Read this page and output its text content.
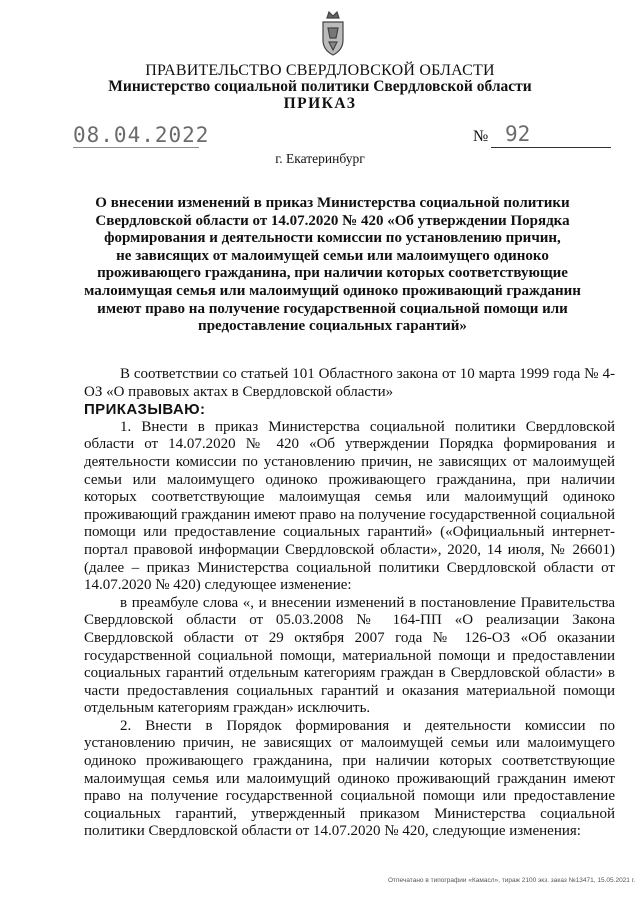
ПРАВИТЕЛЬСТВО СВЕРДЛОВСКОЙ ОБЛАСТИ
Министерство социальной политики Свердловской области
ПРИКАЗ
08.04.2022	№ 92
г. Екатеринбург
О внесении изменений в приказ Министерства социальной политики
Свердловской области от 14.07.2020 № 420 «Об утверждении Порядка
формирования и деятельности комиссии по установлению причин,
не зависящих от малоимущей семьи или малоимущего одиноко
проживающего гражданина, при наличии которых соответствующие
малоимущая семья или малоимущий одиноко проживающий гражданин
имеют право на получение государственной социальной помощи или
предоставление социальных гарантий»

В соответствии со статьей 101 Областного закона от 10 марта 1999 года № 4-ОЗ «О правовых актах в Свердловской области»

ПРИКАЗЫВАЮ:

1. Внести в приказ Министерства социальной политики Свердловской области от 14.07.2020 № 420 «Об утверждении Порядка формирования и деятельности комиссии по установлению причин, не зависящих от малоимущей семьи или малоимущего одиноко проживающего гражданина, при наличии которых соответствующие малоимущая семья или малоимущий одиноко проживающий гражданин имеют право на получение государственной социальной помощи или предоставление социальных гарантий» («Официальный интернет-портал правовой информации Свердловской области», 2020, 14 июля, № 26601) (далее – приказ Министерства социальной политики Свердловской области от 14.07.2020 № 420) следующее изменение:

в преамбуле слова «, и внесении изменений в постановление Правительства Свердловской области от 05.03.2008 № 164-ПП «О реализации Закона Свердловской области от 29 октября 2007 года № 126-ОЗ «Об оказании государственной социальной помощи, материальной помощи и предоставлении социальных гарантий отдельным категориям граждан в Свердловской области» в части предоставления социальных гарантий и оказания материальной помощи отдельным категориям граждан» исключить.

2. Внести в Порядок формирования и деятельности комиссии по установлению причин, не зависящих от малоимущей семьи или малоимущего одиноко проживающего гражданина, при наличии которых соответствующие малоимущая семья или малоимущий одиноко проживающий гражданин имеют право на получение государственной социальной помощи или предоставление социальных гарантий, утвержденный приказом Министерства социальной политики Свердловской области от 14.07.2020 № 420, следующие изменения:

Отпечатано в типографии «Камасл», тираж 2100 экз. заказ №13471, 15.05.2021 г.
